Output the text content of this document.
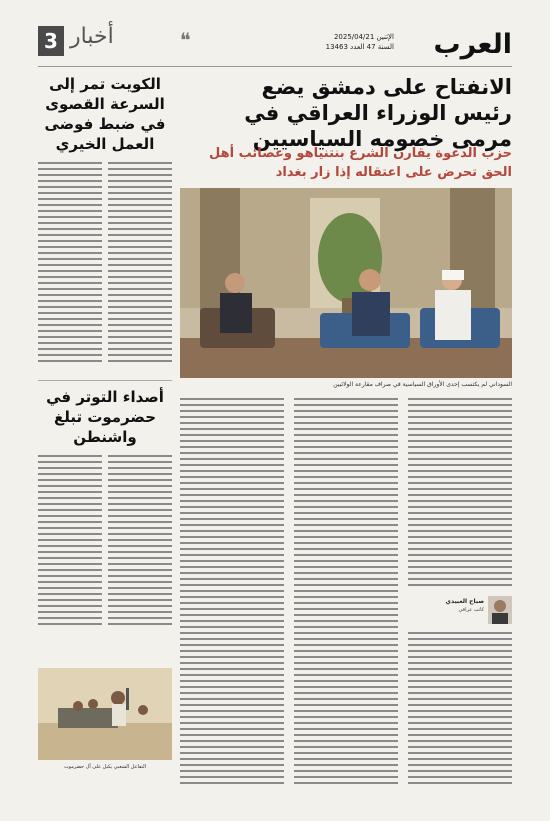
العرب
الإثنين 2025/04/21
السنة 47 العدد 13463
3 أخبار	❝
الانفتاح على دمشق يضع رئيس الوزراء العراقي في مرمى خصومه السياسيين
حزب الدعوة يقارن الشرع بنتنياهو وعصائب أهل الحق تحرض على اعتقاله إذا زار بغداد
السوداني لم يكتسب إحدى الأوراق السياسية في صراف مقارعة الولائيين
صباح العبيدي
كاتب عراقي
الكويت تمر إلى السرعة القصوى في ضبط فوضى العمل الخيري
أصداء التوتر في حضرموت تبلغ واشنطن
التفاعل الشعبي يكبل على آل حضرموت
